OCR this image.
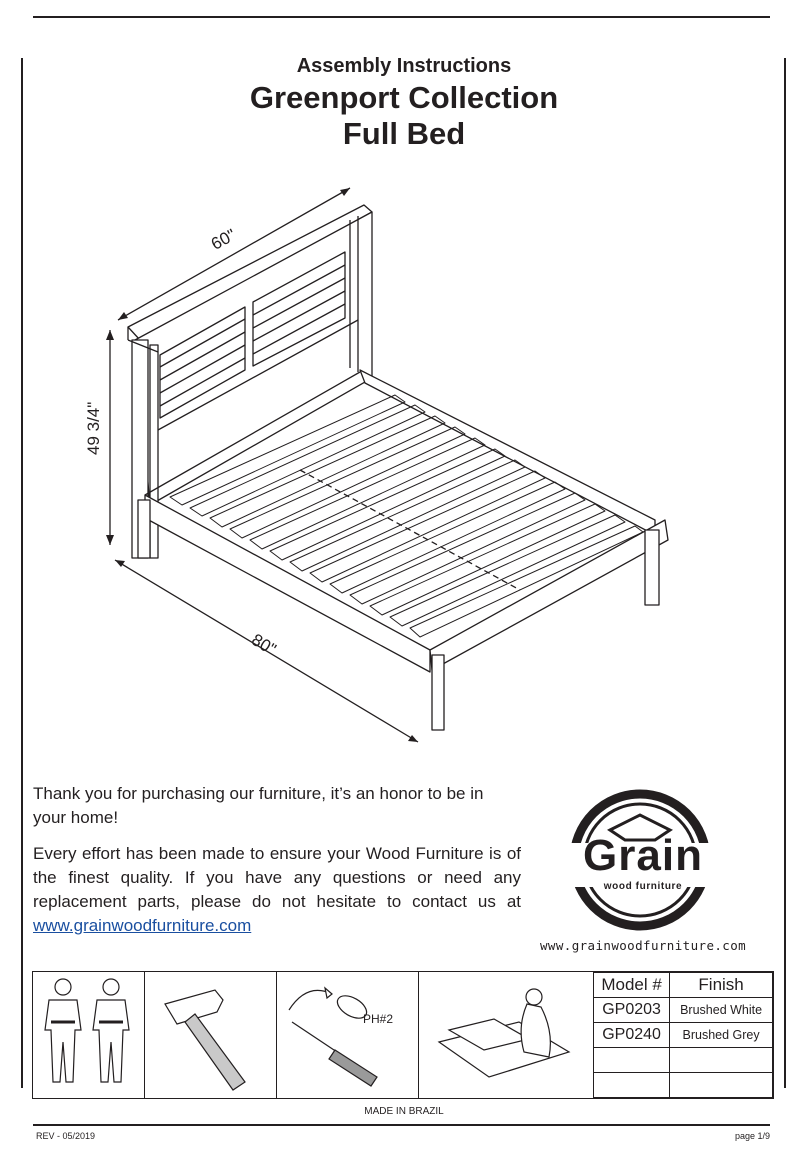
Assembly Instructions
Greenport Collection
Full Bed
60"
49 3/4"
80"
Thank you for purchasing our furniture, it’s an honor to be in your home!
Every effort has been made to ensure your Wood Furniture is of the finest quality. If you have any questions or need any replacement parts, please do not hesitate to contact us at www.grainwoodfurniture.com
Grain
wood furniture
www.grainwoodfurniture.com
PH#2
Model #	Finish
GP0203	Brushed White
GP0240	Brushed Grey

MADE IN BRAZIL
REV - 05/2019	page 1/9
